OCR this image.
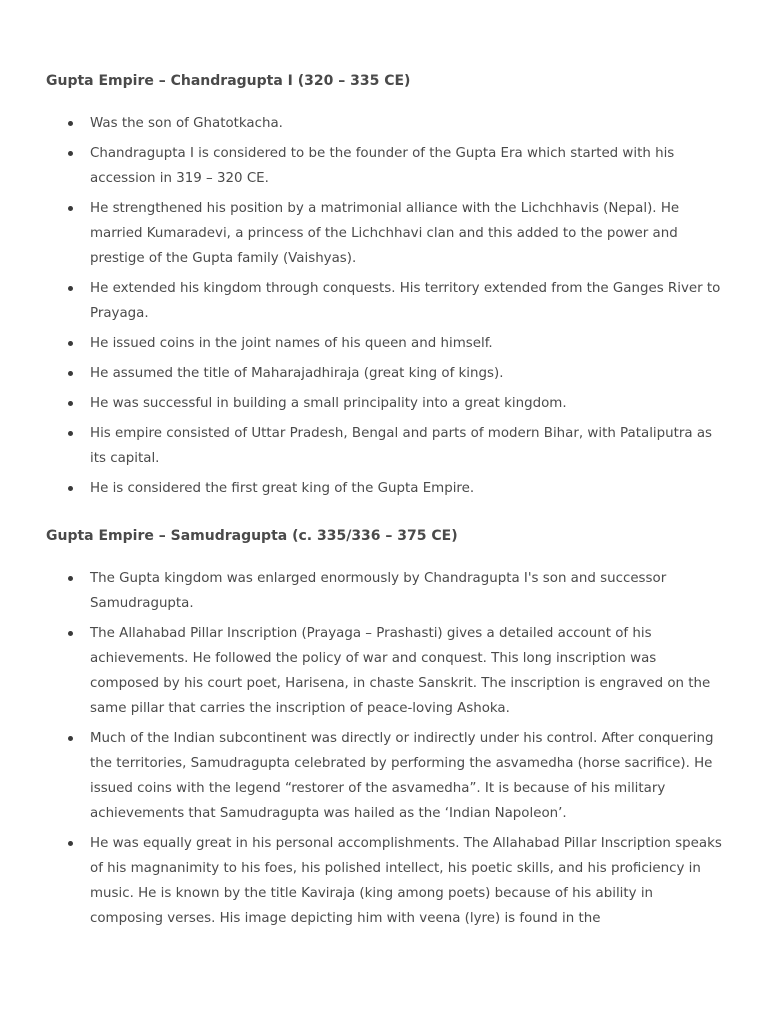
Gupta Empire – Chandragupta I (320 – 335 CE)
Was the son of Ghatotkacha.
Chandragupta I is considered to be the founder of the Gupta Era which started with his accession in 319 – 320 CE.
He strengthened his position by a matrimonial alliance with the Lichchhavis (Nepal). He married Kumaradevi, a princess of the Lichchhavi clan and this added to the power and prestige of the Gupta family (Vaishyas).
He extended his kingdom through conquests. His territory extended from the Ganges River to Prayaga.
He issued coins in the joint names of his queen and himself.
He assumed the title of Maharajadhiraja (great king of kings).
He was successful in building a small principality into a great kingdom.
His empire consisted of Uttar Pradesh, Bengal and parts of modern Bihar, with Pataliputra as its capital.
He is considered the first great king of the Gupta Empire.
Gupta Empire – Samudragupta (c. 335/336 – 375 CE)
The Gupta kingdom was enlarged enormously by Chandragupta I's son and successor Samudragupta.
The Allahabad Pillar Inscription (Prayaga – Prashasti) gives a detailed account of his achievements. He followed the policy of war and conquest. This long inscription was composed by his court poet, Harisena, in chaste Sanskrit. The inscription is engraved on the same pillar that carries the inscription of peace-loving Ashoka.
Much of the Indian subcontinent was directly or indirectly under his control. After conquering the territories, Samudragupta celebrated by performing the asvamedha (horse sacrifice). He issued coins with the legend “restorer of the asvamedha”. It is because of his military achievements that Samudragupta was hailed as the ‘Indian Napoleon’.
He was equally great in his personal accomplishments. The Allahabad Pillar Inscription speaks of his magnanimity to his foes, his polished intellect, his poetic skills, and his proficiency in music. He is known by the title Kaviraja (king among poets) because of his ability in composing verses. His image depicting him with veena (lyre) is found in the
